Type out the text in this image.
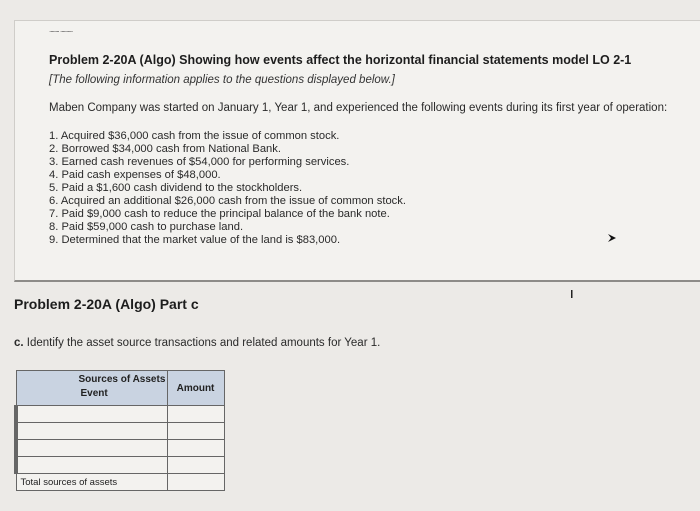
........ ..........
Problem 2-20A (Algo) Showing how events affect the horizontal financial statements model LO 2-1
[The following information applies to the questions displayed below.]
Maben Company was started on January 1, Year 1, and experienced the following events during its first year of operation:
1. Acquired $36,000 cash from the issue of common stock.
2. Borrowed $34,000 cash from National Bank.
3. Earned cash revenues of $54,000 for performing services.
4. Paid cash expenses of $48,000.
5. Paid a $1,600 cash dividend to the stockholders.
6. Acquired an additional $26,000 cash from the issue of common stock.
7. Paid $9,000 cash to reduce the principal balance of the bank note.
8. Paid $59,000 cash to purchase land.
9. Determined that the market value of the land is $83,000.
Problem 2-20A (Algo) Part c
c. Identify the asset source transactions and related amounts for Year 1.
Sources of Assets
Event	Amount

Total sources of assets	
